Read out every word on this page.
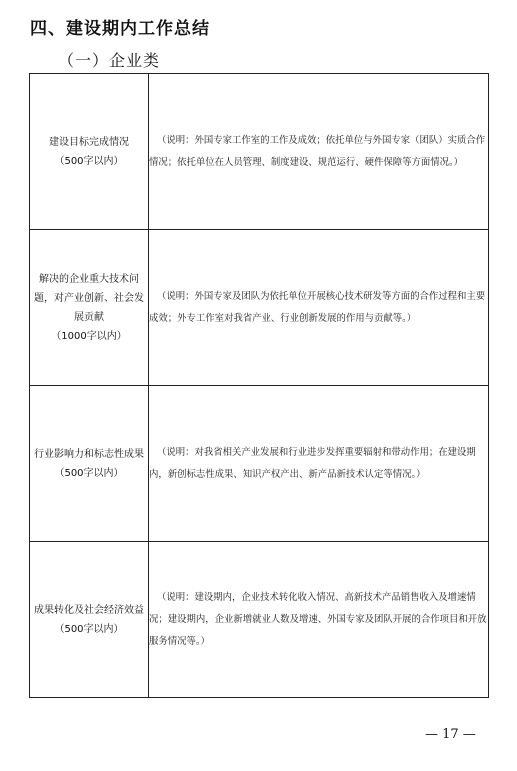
四、建设期内工作总结
（一）企业类
建设目标完成情况
（500字以内）	（说明：外国专家工作室的工作及成效；依托单位与外国专家（团队）实质合作情况；依托单位在人员管理、制度建设、规范运行、硬件保障等方面情况。）

解决的企业重大技术问题，对产业创新、社会发展贡献
（1000字以内）	（说明：外国专家及团队为依托单位开展核心技术研发等方面的合作过程和主要成效；外专工作室对我省产业、行业创新发展的作用与贡献等。）

行业影响力和标志性成果
（500字以内）	（说明：对我省相关产业发展和行业进步发挥重要辐射和带动作用；在建设期内，新创标志性成果、知识产权产出、新产品新技术认定等情况。）

成果转化及社会经济效益
（500字以内）	（说明：建设期内，企业技术转化收入情况、高新技术产品销售收入及增速情况；建设期内，企业新增就业人数及增速、外国专家及团队开展的合作项目和开放服务情况等。）
— 17 —
